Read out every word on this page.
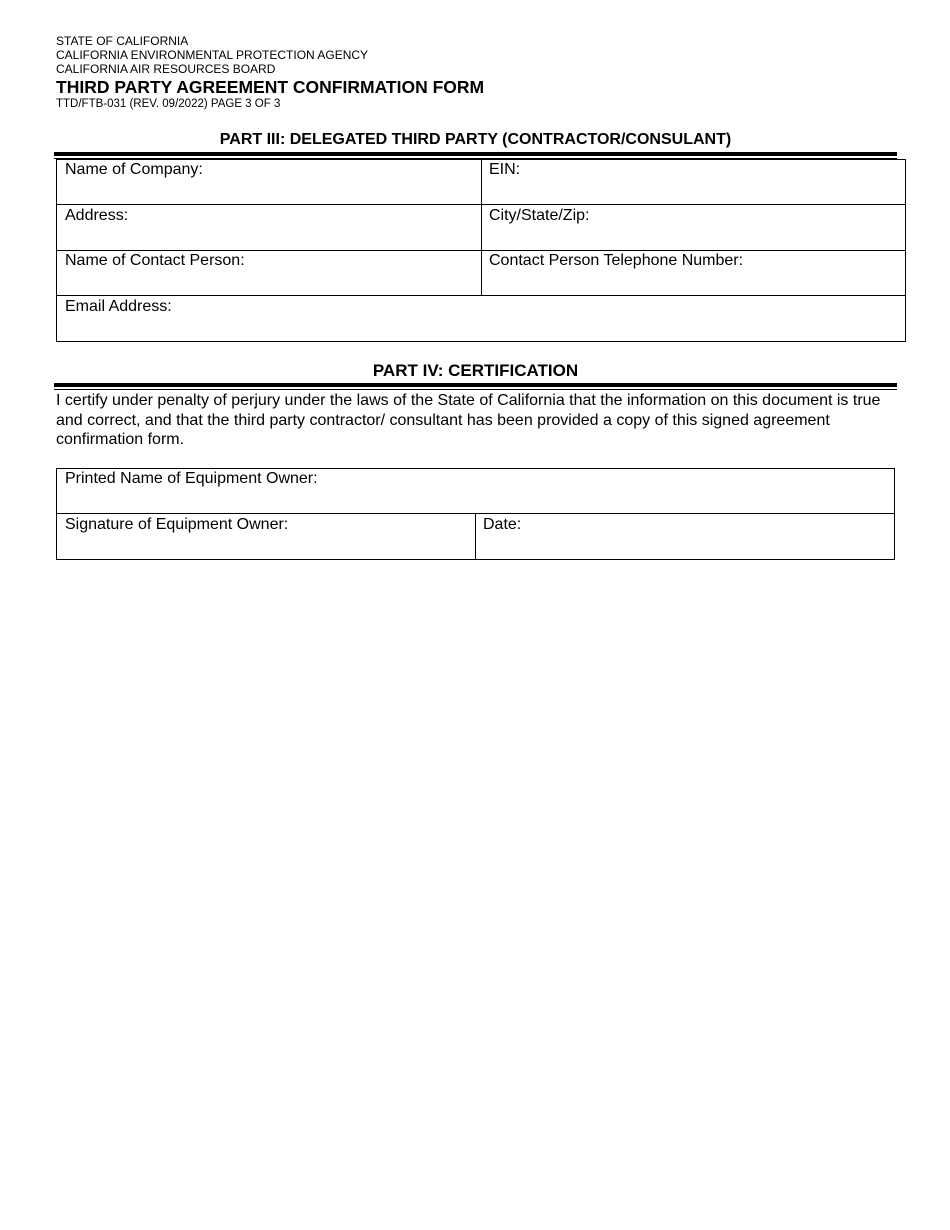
STATE OF CALIFORNIA
CALIFORNIA ENVIRONMENTAL PROTECTION AGENCY
CALIFORNIA AIR RESOURCES BOARD
THIRD PARTY AGREEMENT CONFIRMATION FORM
TTD/FTB-031 (REV. 09/2022) PAGE 3 OF 3
PART III: DELEGATED THIRD PARTY (CONTRACTOR/CONSULANT)
Name of Company:	EIN:
Address:	City/State/Zip:
Name of Contact Person:	Contact Person Telephone Number:
Email Address:
PART IV: CERTIFICATION
I certify under penalty of perjury under the laws of the State of California that the information on this document is true and correct, and that the third party contractor/ consultant has been provided a copy of this signed agreement confirmation form.
Printed Name of Equipment Owner:
Signature of Equipment Owner:	Date:
